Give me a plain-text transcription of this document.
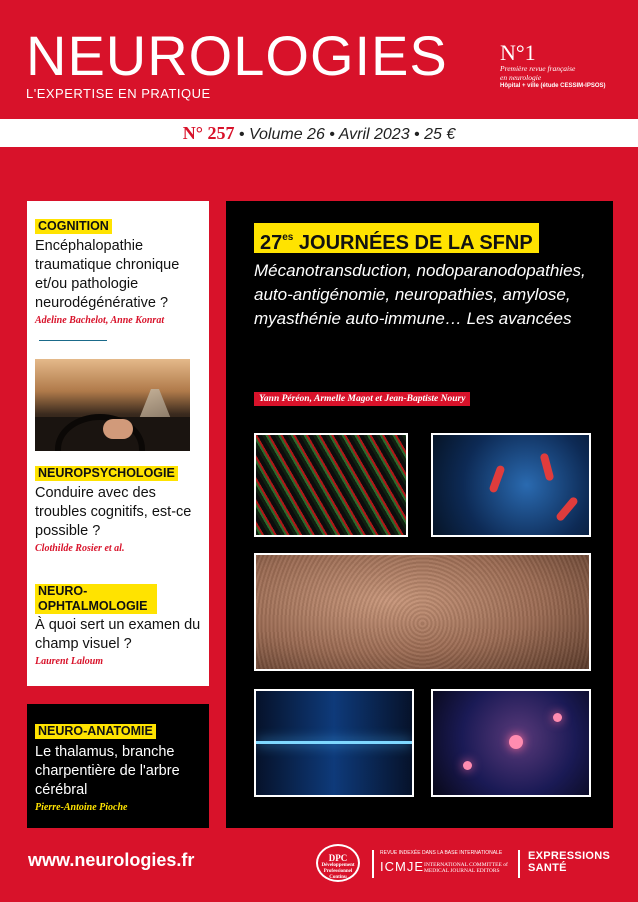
NEUROLOGIES
L'EXPERTISE EN PRATIQUE
N°1
Première revue française
en neurologie
Hôpital + ville (étude CESSIM-IPSOS)
N° 257 • Volume 26 • Avril 2023 • 25 €
COGNITION
Encéphalopathie traumatique chronique et/ou pathologie neurodégénérative ?
Adeline Bachelot, Anne Konrat
NEUROPSYCHOLOGIE
Conduire avec des troubles cognitifs, est-ce possible ?
Clothilde Rosier et al.
NEURO-
OPHTALMOLOGIE
À quoi sert un examen du champ visuel ?
Laurent Laloum
NEURO-ANATOMIE
Le thalamus, branche charpentière de l'arbre cérébral
Pierre-Antoine Pioche
$27^{es}$ JOURNÉES DE LA SFNP
Mécanotransduction, nodoparanodopathies, auto-antigénomie, neuropathies, amylose, myasthénie auto-immune… Les avancées
Yann Péréon, Armelle Magot et Jean-Baptiste Noury
www.neurologies.fr	DPC
Développement Professionnel Continu
REVUE INDEXÉE DANS LA BASE INTERNATIONALE
ICMJE INTERNATIONAL COMMITTEE of MEDICAL JOURNAL EDITORS
EXPRESSIONS
SANTÉ
